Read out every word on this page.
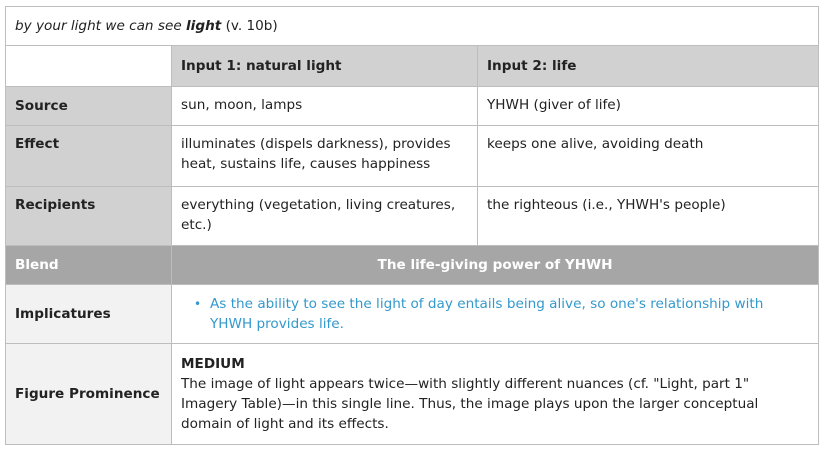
by your light we can see light (v. 10b)		
	Input 1: natural light	Input 2: life
Source	sun, moon, lamps	YHWH (giver of life)
Effect	illuminates (dispels darkness), provides heat, sustains life, causes happiness	keeps one alive, avoiding death
Recipients	everything (vegetation, living creatures, etc.)	the righteous (i.e., YHWH's people)
Blend	The life-giving power of YHWH	
Implicatures	• As the ability to see the light of day entails being alive, so one's relationship with YHWH provides life.	

Figure Prominence	MEDIUM
The image of light appears twice—with slightly different nuances (cf. "Light, part 1" Imagery Table)—in this single line. Thus, the image plays upon the larger conceptual domain of light and its effects.	
